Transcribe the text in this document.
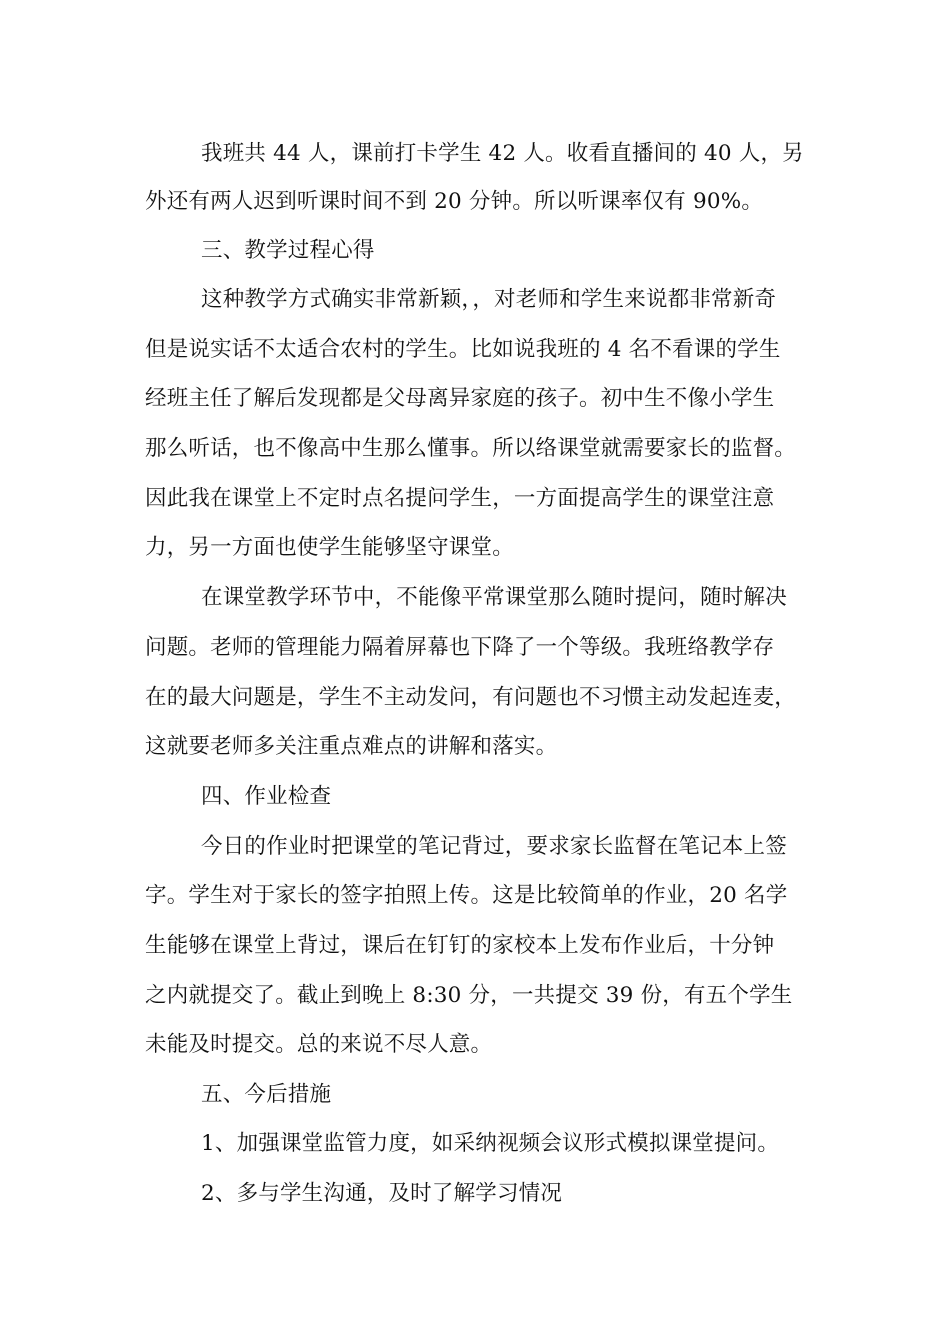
我班共 44 人，课前打卡学生 42 人。收看直播间的 40 人，另
外还有两人迟到听课时间不到 20 分钟。所以听课率仅有 90%。
三、教学过程心得
这种教学方式确实非常新颖，，对老师和学生来说都非常新奇
但是说实话不太适合农村的学生。比如说我班的 4 名不看课的学生
经班主任了解后发现都是父母离异家庭的孩子。初中生不像小学生
那么听话，也不像高中生那么懂事。所以络课堂就需要家长的监督。
因此我在课堂上不定时点名提问学生，一方面提高学生的课堂注意
力，另一方面也使学生能够坚守课堂。
在课堂教学环节中，不能像平常课堂那么随时提问，随时解决
问题。老师的管理能力隔着屏幕也下降了一个等级。我班络教学存
在的最大问题是，学生不主动发问，有问题也不习惯主动发起连麦，
这就要老师多关注重点难点的讲解和落实。
四、作业检查
今日的作业时把课堂的笔记背过，要求家长监督在笔记本上签
字。学生对于家长的签字拍照上传。这是比较简单的作业，20 名学
生能够在课堂上背过，课后在钉钉的家校本上发布作业后，十分钟
之内就提交了。截止到晚上 8:30 分，一共提交 39 份，有五个学生
未能及时提交。总的来说不尽人意。
五、今后措施
1、加强课堂监管力度，如采纳视频会议形式模拟课堂提问。
2、多与学生沟通，及时了解学习情况
